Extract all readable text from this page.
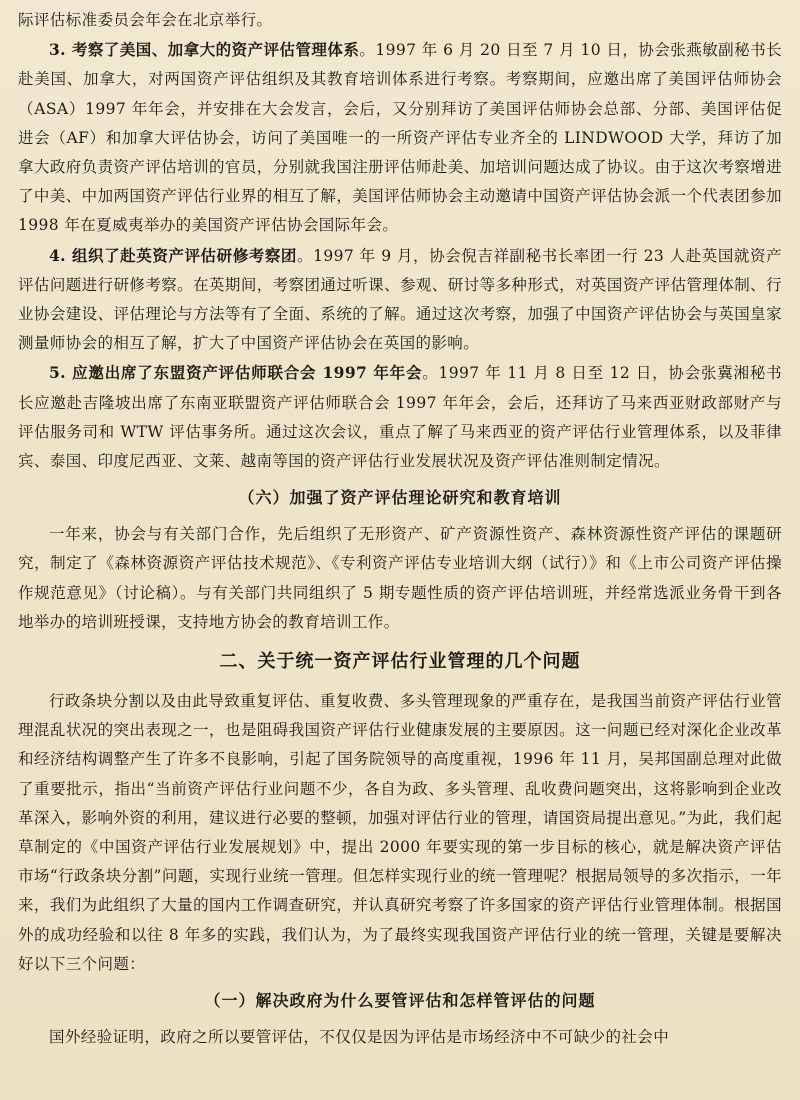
际评估标准委员会年会在北京举行。

3. 考察了美国、加拿大的资产评估管理体系。1997 年 6 月 20 日至 7 月 10 日，协会张燕敏副秘书长赴美国、加拿大，对两国资产评估组织及其教育培训体系进行考察。考察期间，应邀出席了美国评估师协会（ASA）1997 年年会，并安排在大会发言，会后，又分别拜访了美国评估师协会总部、分部、美国评估促进会（AF）和加拿大评估协会，访问了美国唯一的一所资产评估专业齐全的 LINDWOOD 大学，拜访了加拿大政府负责资产评估培训的官员，分别就我国注册评估师赴美、加培训问题达成了协议。由于这次考察增进了中美、中加两国资产评估行业界的相互了解，美国评估师协会主动邀请中国资产评估协会派一个代表团参加 1998 年在夏威夷举办的美国资产评估协会国际年会。

4. 组织了赴英资产评估研修考察团。1997 年 9 月，协会倪吉祥副秘书长率团一行 23 人赴英国就资产评估问题进行研修考察。在英期间，考察团通过听课、参观、研讨等多种形式，对英国资产评估管理体制、行业协会建设、评估理论与方法等有了全面、系统的了解。通过这次考察，加强了中国资产评估协会与英国皇家测量师协会的相互了解，扩大了中国资产评估协会在英国的影响。

5. 应邀出席了东盟资产评估师联合会 1997 年年会。1997 年 11 月 8 日至 12 日，协会张冀湘秘书长应邀赴吉隆坡出席了东南亚联盟资产评估师联合会 1997 年年会，会后，还拜访了马来西亚财政部财产与评估服务司和 WTW 评估事务所。通过这次会议，重点了解了马来西亚的资产评估行业管理体系，以及菲律宾、泰国、印度尼西亚、文莱、越南等国的资产评估行业发展状况及资产评估准则制定情况。

（六）加强了资产评估理论研究和教育培训

一年来，协会与有关部门合作，先后组织了无形资产、矿产资源性资产、森林资源性资产评估的课题研究，制定了《森林资源资产评估技术规范》、《专利资产评估专业培训大纲（试行）》和《上市公司资产评估操作规范意见》（讨论稿）。与有关部门共同组织了 5 期专题性质的资产评估培训班，并经常选派业务骨干到各地举办的培训班授课，支持地方协会的教育培训工作。

二、关于统一资产评估行业管理的几个问题

行政条块分割以及由此导致重复评估、重复收费、多头管理现象的严重存在，是我国当前资产评估行业管理混乱状况的突出表现之一，也是阻碍我国资产评估行业健康发展的主要原因。这一问题已经对深化企业改革和经济结构调整产生了许多不良影响，引起了国务院领导的高度重视，1996 年 11 月，吴邦国副总理对此做了重要批示，指出“当前资产评估行业问题不少，各自为政、多头管理、乱收费问题突出，这将影响到企业改革深入，影响外资的利用，建议进行必要的整顿，加强对评估行业的管理，请国资局提出意见。”为此，我们起草制定的《中国资产评估行业发展规划》中，提出 2000 年要实现的第一步目标的核心，就是解决资产评估市场“行政条块分割”问题，实现行业统一管理。但怎样实现行业的统一管理呢？根据局领导的多次指示，一年来，我们为此组织了大量的国内工作调查研究，并认真研究考察了许多国家的资产评估行业管理体制。根据国外的成功经验和以往 8 年多的实践，我们认为，为了最终实现我国资产评估行业的统一管理，关键是要解决好以下三个问题：

（一）解决政府为什么要管评估和怎样管评估的问题

国外经验证明，政府之所以要管评估，不仅仅是因为评估是市场经济中不可缺少的社会中
